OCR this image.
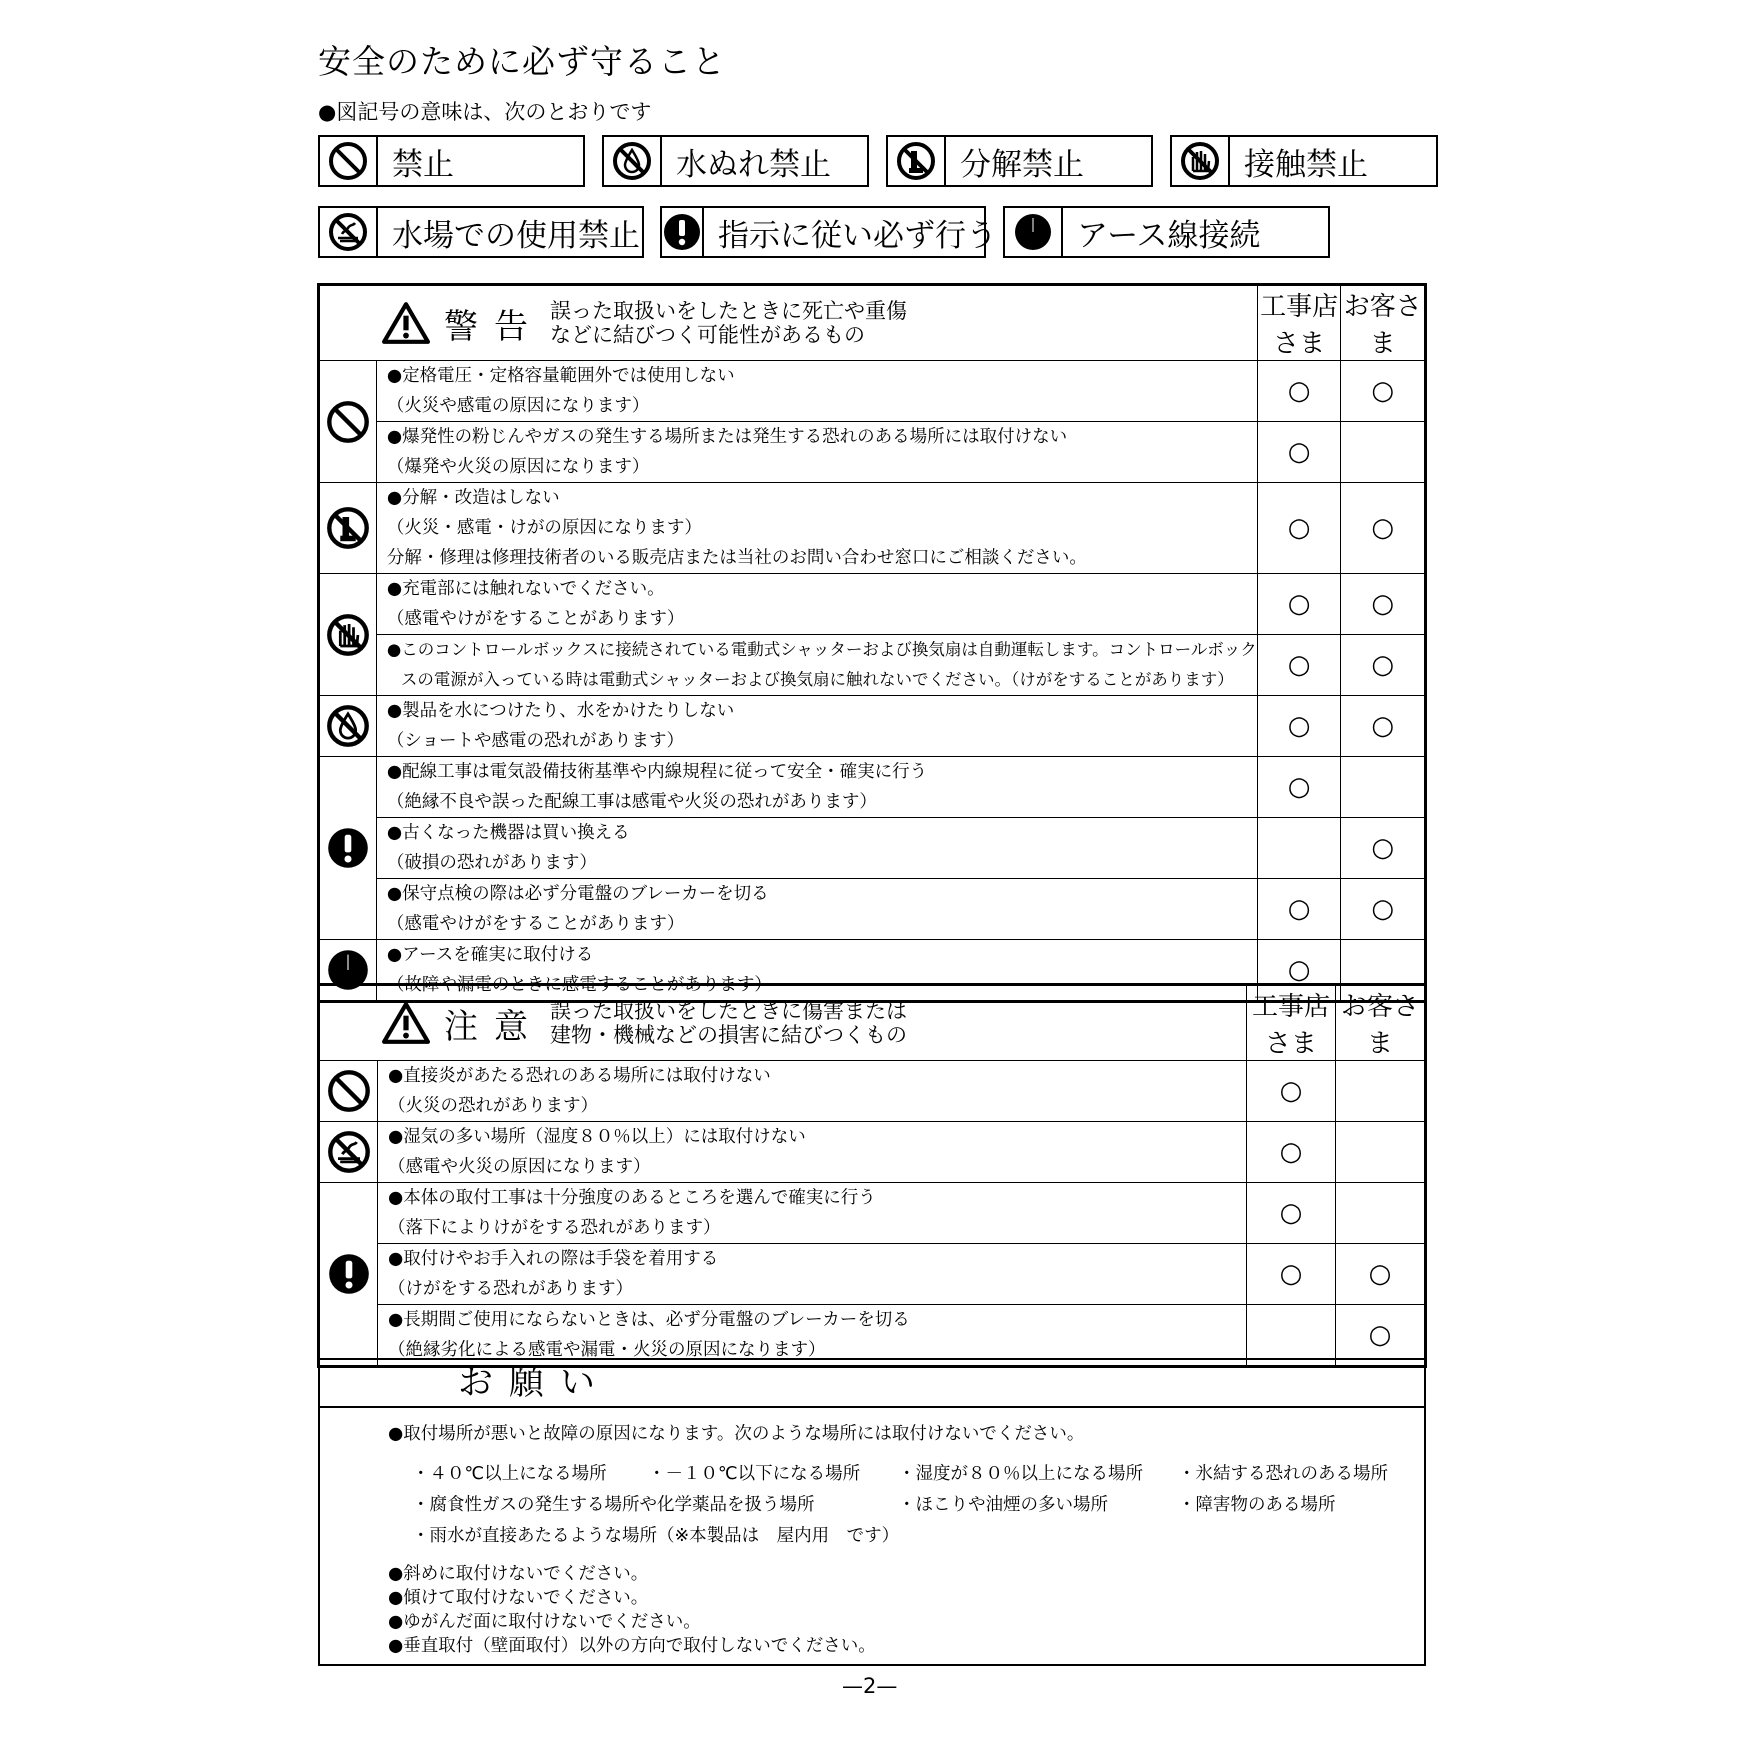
安全のために必ず守ること
●図記号の意味は、次のとおりです
禁止	水ぬれ禁止	分解禁止	接触禁止
水場での使用禁止	指示に従い必ず行う	アース線接続
警告 誤った取扱いをしたときに死亡や重傷
などに結びつく可能性があるもの		工事店さま	お客さま

●定格電圧・定格容量範囲外では使用しない
（火災や感電の原因になります）	○	○

	●爆発性の粉じんやガスの発生する場所または発生する恐れのある場所には取付けない
（爆発や火災の原因になります）	○	

●分解・改造はしない
（火災・感電・けがの原因になります）
分解・修理は修理技術者のいる販売店または当社のお問い合わせ窓口にご相談ください。	○	○

●充電部には触れないでください。
（感電やけがをすることがあります）	○	○

	●このコントロールボックスに接続されている電動式シャッターおよび換気扇は自動運転します。コントロールボック
スの電源が入っている時は電動式シャッターおよび換気扇に触れないでください。（けがをすることがあります）	○	○

●製品を水につけたり、水をかけたりしない
（ショートや感電の恐れがあります）	○	○

●配線工事は電気設備技術基準や内線規程に従って安全・確実に行う
（絶縁不良や誤った配線工事は感電や火災の恐れがあります）	○	

	●古くなった機器は買い換える
（破損の恐れがあります）		○

	●保守点検の際は必ず分電盤のブレーカーを切る
（感電やけがをすることがあります）	○	○

●アースを確実に取付ける
（故障や漏電のときに感電することがあります）	○	
注意 誤った取扱いをしたときに傷害または
建物・機械などの損害に結びつくもの		工事店さま	お客さま

●直接炎があたる恐れのある場所には取付けない
（火災の恐れがあります）	○	

●湿気の多い場所（湿度８０％以上）には取付けない
（感電や火災の原因になります）	○	

●本体の取付工事は十分強度のあるところを選んで確実に行う
（落下によりけがをする恐れがあります）	○	

	●取付けやお手入れの際は手袋を着用する
（けがをする恐れがあります）	○	○

	●長期間ご使用にならないときは、必ず分電盤のブレーカーを切る
（絶縁劣化による感電や漏電・火災の原因になります）		○
お願い
●取付場所が悪いと故障の原因になります。次のような場所には取付けないでください。
・４０℃以上になる場所 ・－１０℃以下になる場所 ・湿度が８０％以上になる場所 ・氷結する恐れのある場所
・腐食性ガスの発生する場所や化学薬品を扱う場所	・ほこりや油煙の多い場所	・障害物のある場所
・雨水が直接あたるような場所（※本製品は　屋内用　です）
●斜めに取付けないでください。
●傾けて取付けないでください。
●ゆがんだ面に取付けないでください。
●垂直取付（壁面取付）以外の方向で取付しないでください。
—2—
